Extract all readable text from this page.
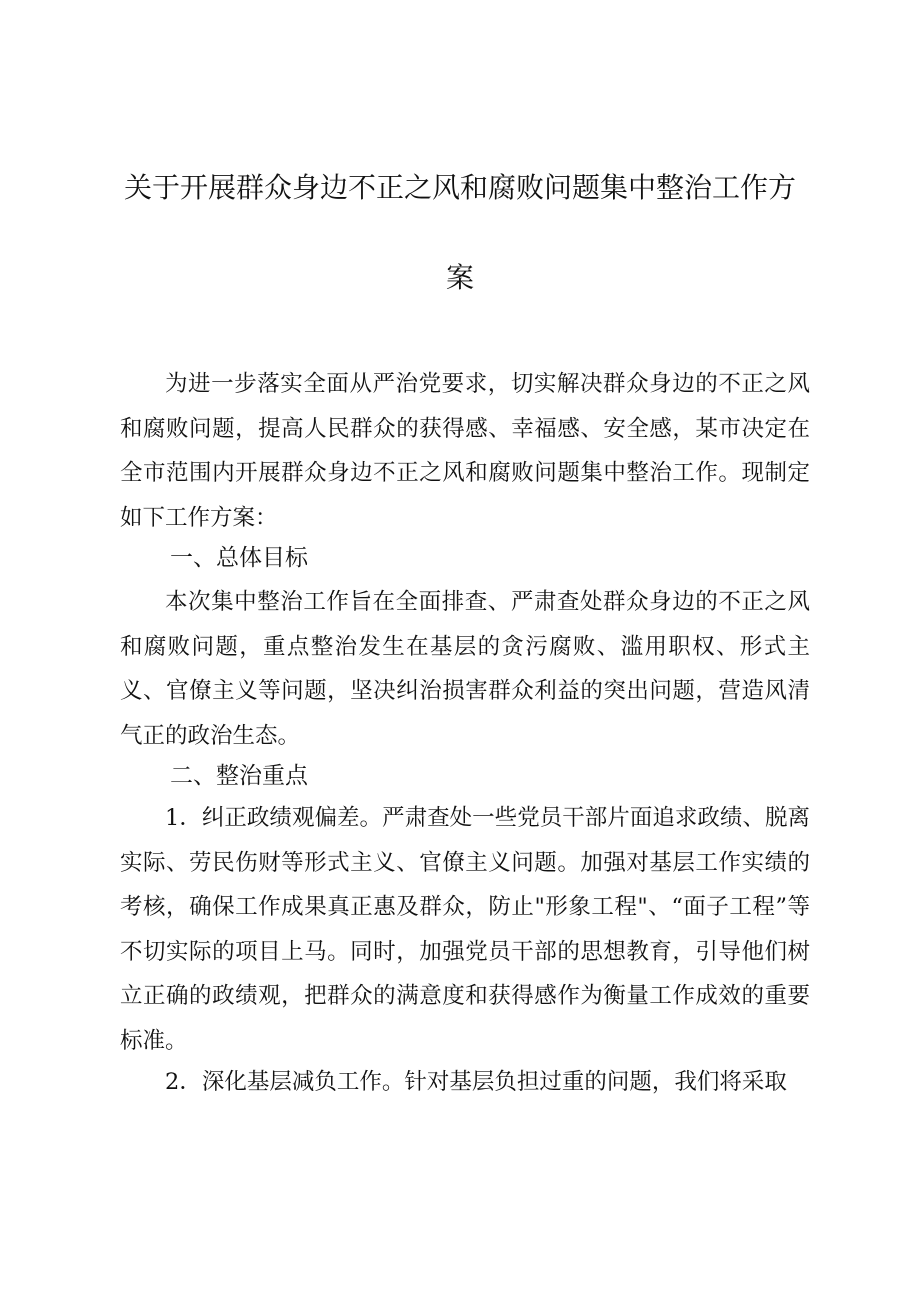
关于开展群众身边不正之风和腐败问题集中整治工作方
案

为进一步落实全面从严治党要求，切实解决群众身边的不正之风和腐败问题，提高人民群众的获得感、幸福感、安全感，某市决定在全市范围内开展群众身边不正之风和腐败问题集中整治工作。现制定如下工作方案：

一、总体目标

本次集中整治工作旨在全面排查、严肃查处群众身边的不正之风和腐败问题，重点整治发生在基层的贪污腐败、滥用职权、形式主义、官僚主义等问题，坚决纠治损害群众利益的突出问题，营造风清气正的政治生态。

二、整治重点

1．纠正政绩观偏差。严肃查处一些党员干部片面追求政绩、脱离实际、劳民伤财等形式主义、官僚主义问题。加强对基层工作实绩的考核，确保工作成果真正惠及群众，防止"形象工程"、“面子工程”等不切实际的项目上马。同时，加强党员干部的思想教育，引导他们树立正确的政绩观，把群众的满意度和获得感作为衡量工作成效的重要标准。

2．深化基层减负工作。针对基层负担过重的问题，我们将采取
